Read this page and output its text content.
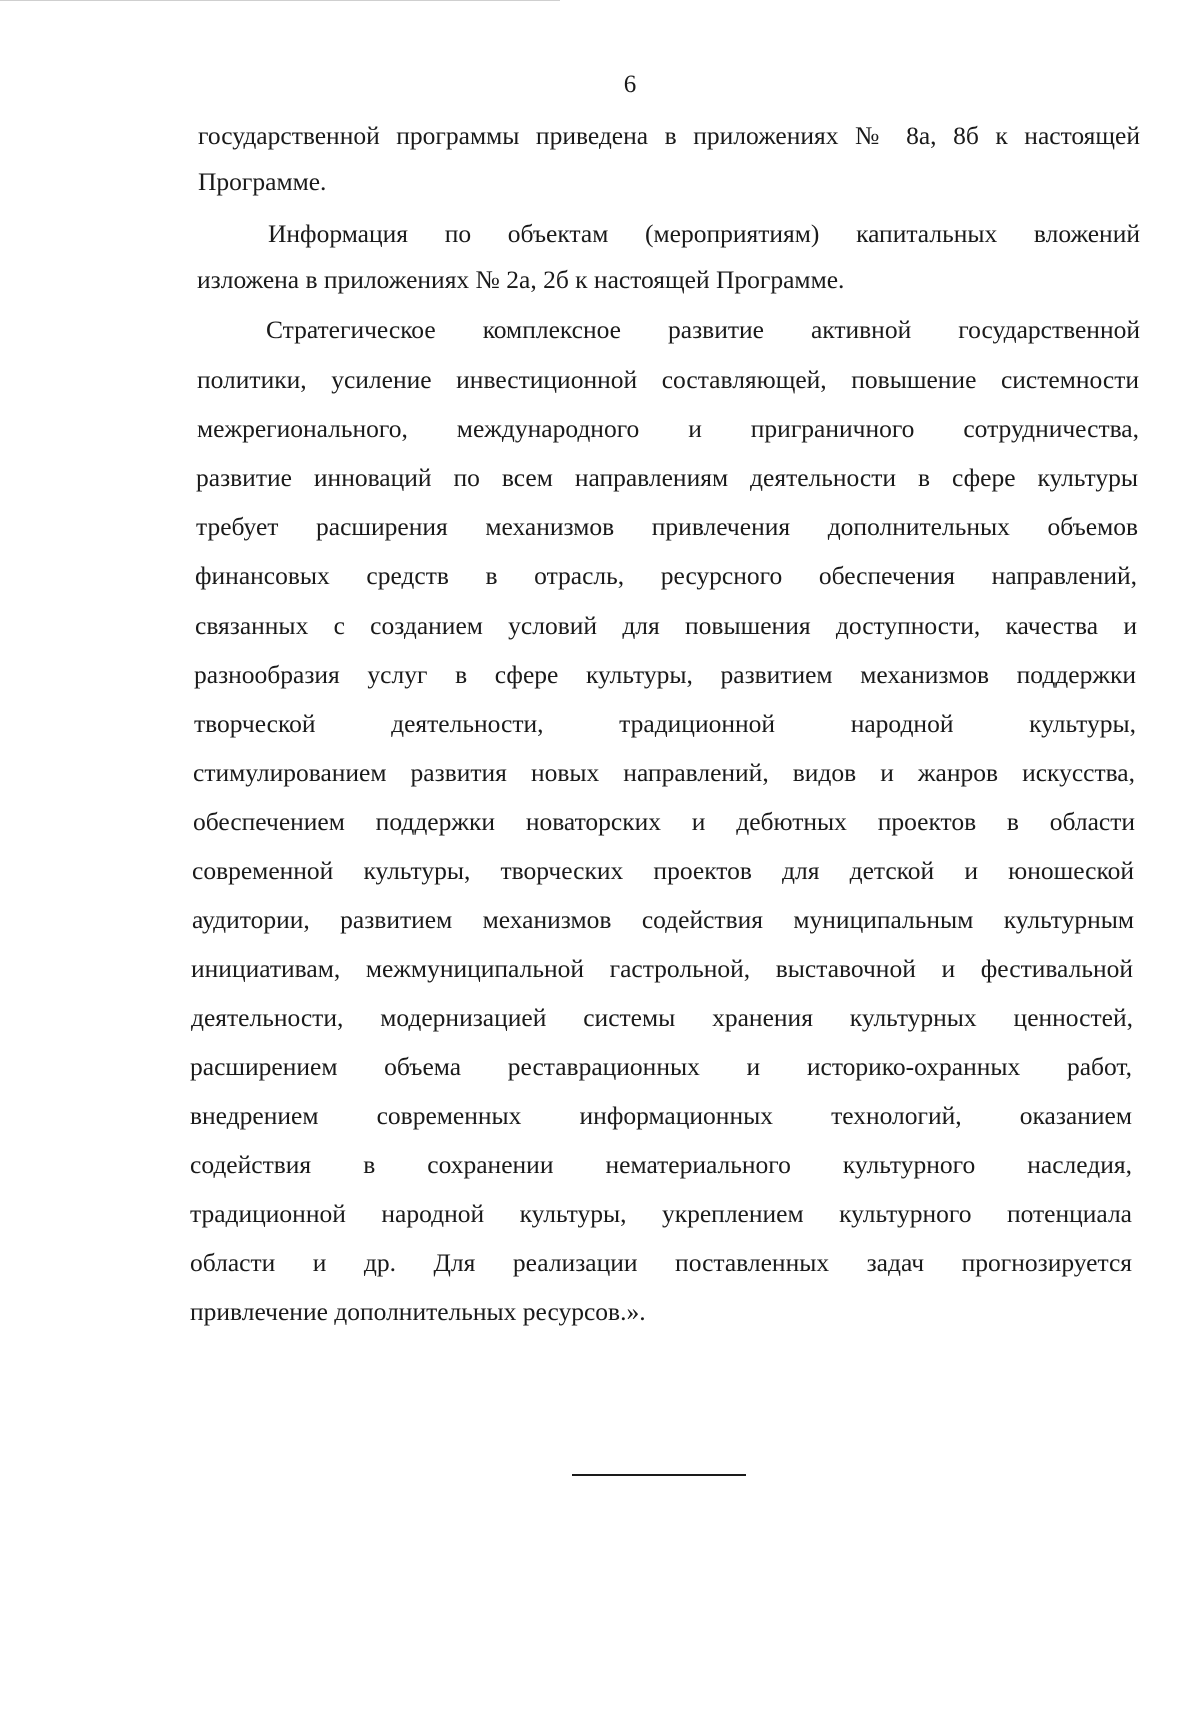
6
государственной программы приведена в приложениях № 8а, 8б к настоящей
Программе.
Информация по объектам (мероприятиям) капитальных вложений
изложена в приложениях № 2а, 2б к настоящей Программе.
Стратегическое комплексное развитие активной государственной
политики, усиление инвестиционной составляющей, повышение системности
межрегионального, международного и приграничного сотрудничества,
развитие инноваций по всем направлениям деятельности в сфере культуры
требует расширения механизмов привлечения дополнительных объемов
финансовых средств в отрасль, ресурсного обеспечения направлений,
связанных с созданием условий для повышения доступности, качества и
разнообразия услуг в сфере культуры, развитием механизмов поддержки
творческой деятельности, традиционной народной культуры,
стимулированием развития новых направлений, видов и жанров искусства,
обеспечением поддержки новаторских и дебютных проектов в области
современной культуры, творческих проектов для детской и юношеской
аудитории, развитием механизмов содействия муниципальным культурным
инициативам, межмуниципальной гастрольной, выставочной и фестивальной
деятельности, модернизацией системы хранения культурных ценностей,
расширением объема реставрационных и историко-охранных работ,
внедрением современных информационных технологий, оказанием
содействия в сохранении нематериального культурного наследия,
традиционной народной культуры, укреплением культурного потенциала
области и др. Для реализации поставленных задач прогнозируется
привлечение дополнительных ресурсов.».
